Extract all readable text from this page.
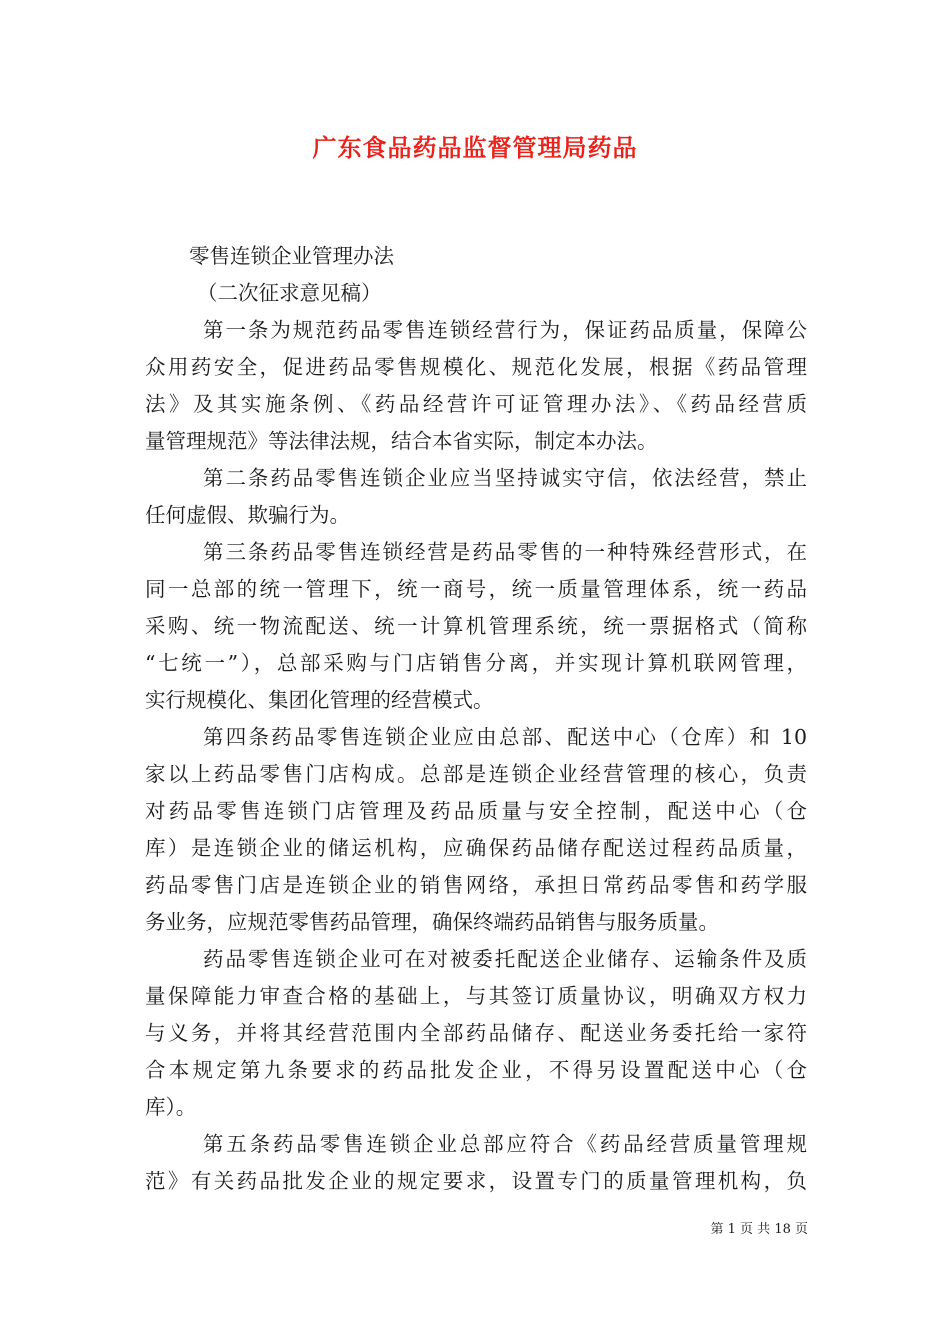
广东食品药品监督管理局药品
零售连锁企业管理办法
（二次征求意见稿）

第一条为规范药品零售连锁经营行为，保证药品质量，保障公
众用药安全，促进药品零售规模化、规范化发展，根据《药品管理
法》及其实施条例、《药品经营许可证管理办法》、《药品经营质
量管理规范》等法律法规，结合本省实际，制定本办法。

第二条药品零售连锁企业应当坚持诚实守信，依法经营，禁止
任何虚假、欺骗行为。

第三条药品零售连锁经营是药品零售的一种特殊经营形式，在
同一总部的统一管理下，统一商号，统一质量管理体系，统一药品
采购、统一物流配送、统一计算机管理系统，统一票据格式（简称
“七统一”），总部采购与门店销售分离，并实现计算机联网管理，
实行规模化、集团化管理的经营模式。

第四条药品零售连锁企业应由总部、配送中心（仓库）和 10
家以上药品零售门店构成。总部是连锁企业经营管理的核心，负责
对药品零售连锁门店管理及药品质量与安全控制，配送中心（仓
库）是连锁企业的储运机构，应确保药品储存配送过程药品质量，
药品零售门店是连锁企业的销售网络，承担日常药品零售和药学服
务业务，应规范零售药品管理，确保终端药品销售与服务质量。

药品零售连锁企业可在对被委托配送企业储存、运输条件及质
量保障能力审查合格的基础上，与其签订质量协议，明确双方权力
与义务，并将其经营范围内全部药品储存、配送业务委托给一家符
合本规定第九条要求的药品批发企业，不得另设置配送中心（仓
库）。

第五条药品零售连锁企业总部应符合《药品经营质量管理规
范》有关药品批发企业的规定要求，设置专门的质量管理机构，负

第 1 页 共 18 页
